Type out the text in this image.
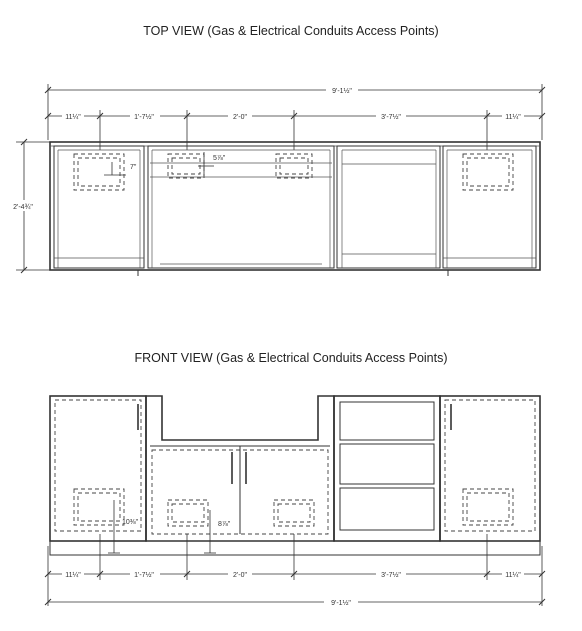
TOP VIEW (Gas & Electrical Conduits Access Points)
FRONT VIEW (Gas & Electrical Conduits Access Points)
9'-1½"
11¼"	1'-7½"	2'-0"	3'-7½"	11¼"
2'-4¾"
7"
5⅞"
10⅜"	8⅞"
11¼"	1'-7½"	2'-0"	3'-7½"	11¼"
9'-1½"
